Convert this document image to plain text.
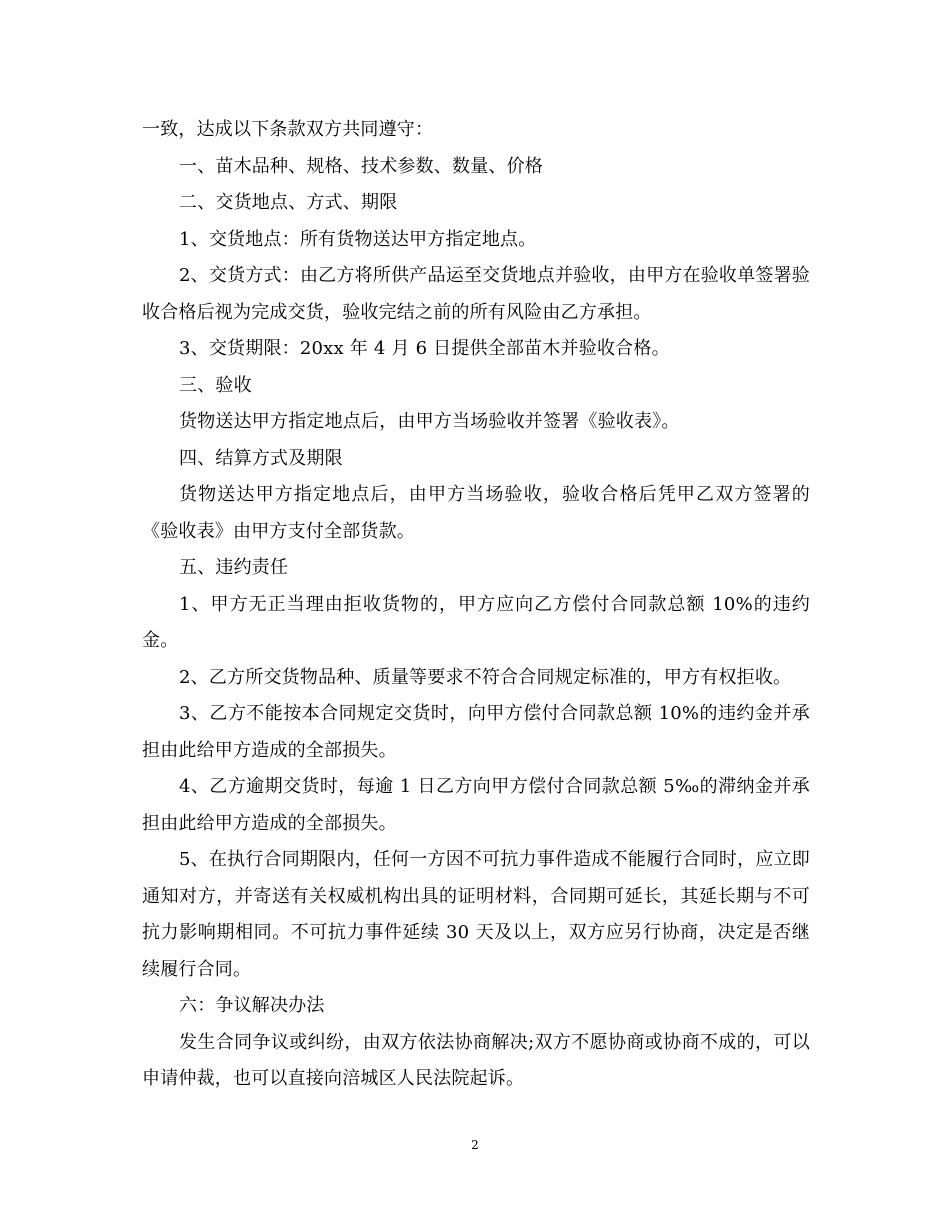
一致，达成以下条款双方共同遵守：

一、苗木品种、规格、技术参数、数量、价格

二、交货地点、方式、期限

1、交货地点：所有货物送达甲方指定地点。

2、交货方式：由乙方将所供产品运至交货地点并验收，由甲方在验收单签署验收合格后视为完成交货，验收完结之前的所有风险由乙方承担。

3、交货期限：20xx 年 4 月 6 日提供全部苗木并验收合格。

三、验收

货物送达甲方指定地点后，由甲方当场验收并签署《验收表》。

四、结算方式及期限

货物送达甲方指定地点后，由甲方当场验收，验收合格后凭甲乙双方签署的《验收表》由甲方支付全部货款。

五、违约责任

1、甲方无正当理由拒收货物的，甲方应向乙方偿付合同款总额 10%的违约金。

2、乙方所交货物品种、质量等要求不符合合同规定标准的，甲方有权拒收。

3、乙方不能按本合同规定交货时，向甲方偿付合同款总额 10%的违约金并承担由此给甲方造成的全部损失。

4、乙方逾期交货时，每逾 1 日乙方向甲方偿付合同款总额 5‰的滞纳金并承担由此给甲方造成的全部损失。

5、在执行合同期限内，任何一方因不可抗力事件造成不能履行合同时，应立即通知对方，并寄送有关权威机构出具的证明材料，合同期可延长，其延长期与不可抗力影响期相同。不可抗力事件延续 30 天及以上，双方应另行协商，决定是否继续履行合同。

六：争议解决办法

发生合同争议或纠纷，由双方依法协商解决;双方不愿协商或协商不成的，可以申请仲裁，也可以直接向涪城区人民法院起诉。

2
